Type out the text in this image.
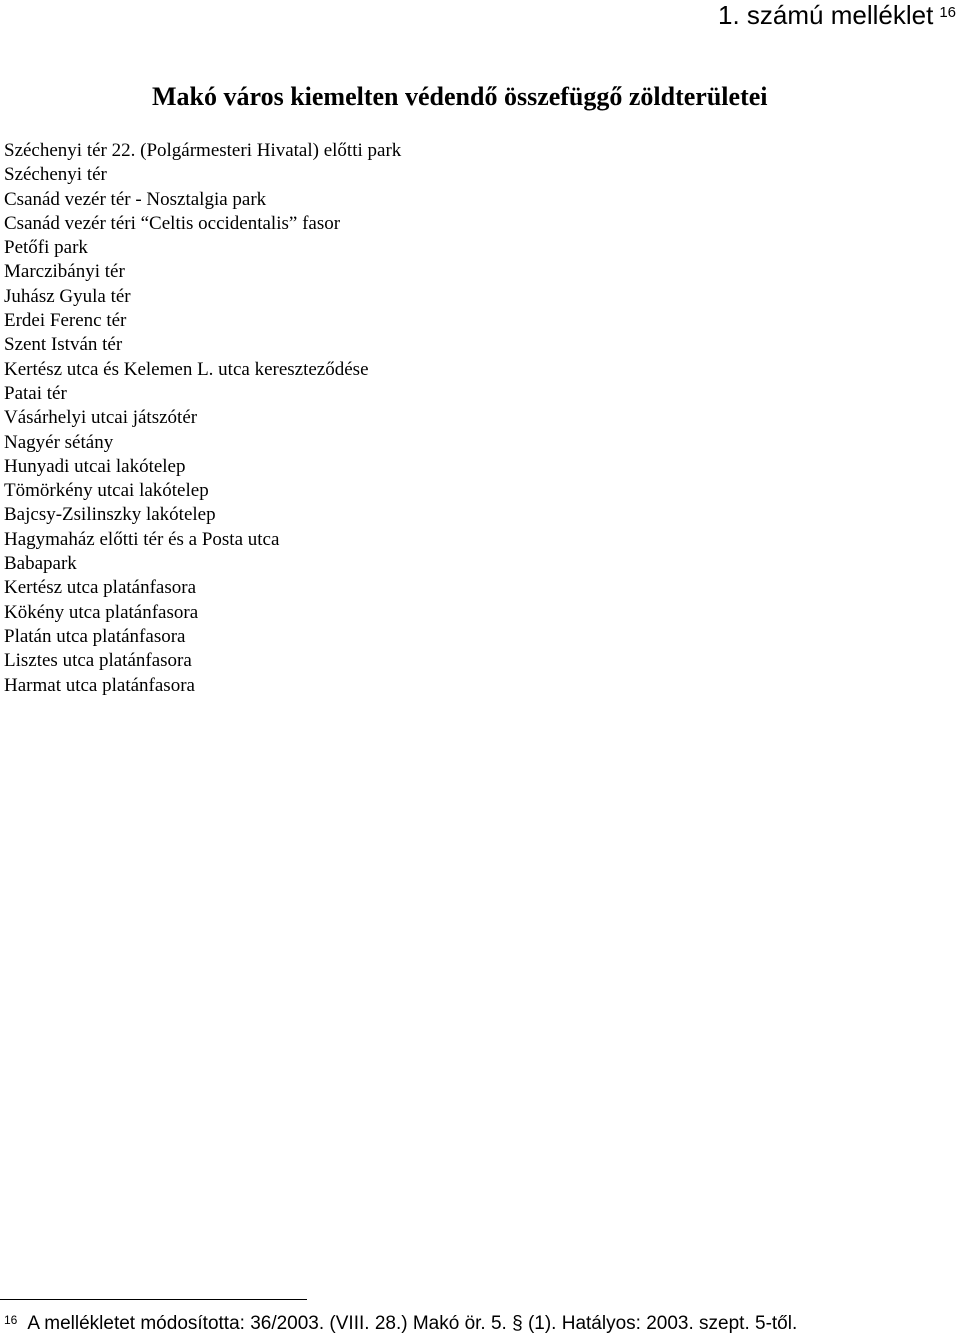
1. számú melléklet $^{16}$
Makó város kiemelten védendő összefüggő zöldterületei
Széchenyi tér 22. (Polgármesteri Hivatal) előtti park
Széchenyi tér
Csanád vezér tér - Nosztalgia park
Csanád vezér téri “Celtis occidentalis” fasor
Petőfi park
Marczibányi tér
Juhász Gyula tér
Erdei Ferenc tér
Szent István tér
Kertész utca és Kelemen L. utca kereszteződése
Patai tér
Vásárhelyi utcai játszótér
Nagyér sétány
Hunyadi utcai lakótelep
Tömörkény utcai lakótelep
Bajcsy-Zsilinszky lakótelep
Hagymaház előtti tér és a Posta utca
Babapark
Kertész utca platánfasora
Kökény utca platánfasora
Platán utca platánfasora
Lisztes utca platánfasora
Harmat utca platánfasora
$^{16}$ A mellékletet módosította: 36/2003. (VIII. 28.) Makó ör. 5. § (1). Hatályos: 2003. szept. 5-től.
